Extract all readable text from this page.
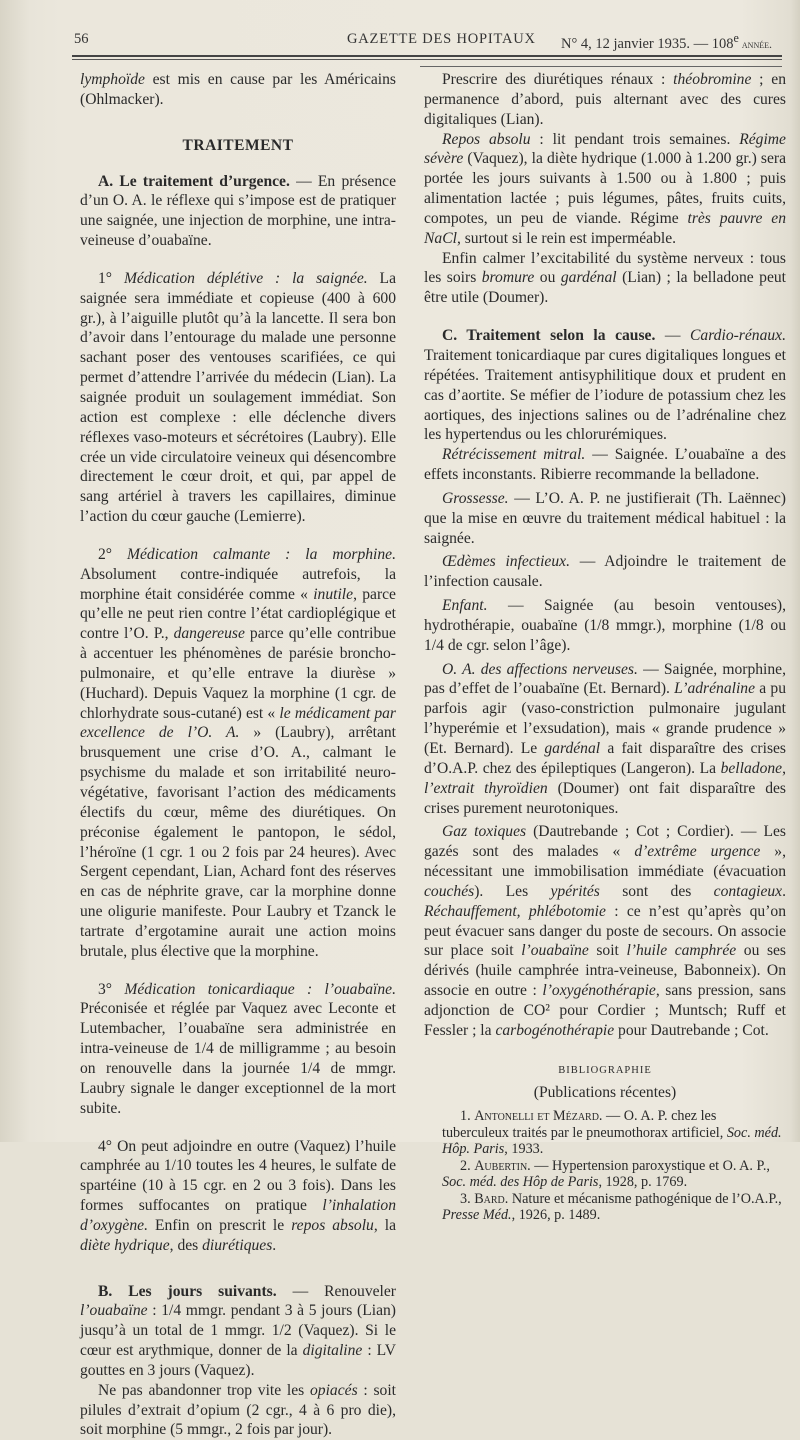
56	GAZETTE DES HOPITAUX N° 4, 12 janvier 1935. — 108e année.

lymphoïde est mis en cause par les Américains (Ohlmacker).

TRAITEMENT

A. Le traitement d’urgence. — En présence d’un O. A. le réflexe qui s’impose est de pratiquer une saignée, une injection de morphine, une intra-veineuse d’ouabaïne.

1° Médication déplétive : la saignée. La saignée sera immédiate et copieuse (400 à 600 gr.), à l’aiguille plutôt qu’à la lancette. Il sera bon d’avoir dans l’entourage du malade une personne sachant poser des ventouses scarifiées, ce qui permet d’attendre l’arrivée du médecin (Lian). La saignée produit un soulagement immédiat. Son action est complexe : elle déclenche divers réflexes vaso-moteurs et sécrétoires (Laubry). Elle crée un vide circulatoire veineux qui désencombre directement le cœur droit, et qui, par appel de sang artériel à travers les capillaires, diminue l’action du cœur gauche (Lemierre).

2° Médication calmante : la morphine. Absolument contre-indiquée autrefois, la morphine était considérée comme « inutile, parce qu’elle ne peut rien contre l’état cardioplégique et contre l’O. P., dangereuse parce qu’elle contribue à accentuer les phénomènes de parésie broncho-pulmonaire, et qu’elle entrave la diurèse » (Huchard). Depuis Vaquez la morphine (1 cgr. de chlorhydrate sous-cutané) est « le médicament par excellence de l’O. A. » (Laubry), arrêtant brusquement une crise d’O. A., calmant le psychisme du malade et son irritabilité neuro-végétative, favorisant l’action des médicaments électifs du cœur, même des diurétiques. On préconise également le pantopon, le sédol, l’héroïne (1 cgr. 1 ou 2 fois par 24 heures). Avec Sergent cependant, Lian, Achard font des réserves en cas de néphrite grave, car la morphine donne une oligurie manifeste. Pour Laubry et Tzanck le tartrate d’ergotamine aurait une action moins brutale, plus élective que la morphine.

3° Médication tonicardiaque : l’ouabaïne. Préconisée et réglée par Vaquez avec Leconte et Lutembacher, l’ouabaïne sera administrée en intra-veineuse de 1/4 de milligramme ; au besoin on renouvelle dans la journée 1/4 de mmgr. Laubry signale le danger exceptionnel de la mort subite.

4° On peut adjoindre en outre (Vaquez) l’huile camphrée au 1/10 toutes les 4 heures, le sulfate de spartéine (10 à 15 cgr. en 2 ou 3 fois). Dans les formes suffocantes on pratique l’inhalation d’oxygène. Enfin on prescrit le repos absolu, la diète hydrique, des diurétiques.

B. Les jours suivants. — Renouveler l’ouabaïne : 1/4 mmgr. pendant 3 à 5 jours (Lian) jusqu’à un total de 1 mmgr. 1/2 (Vaquez). Si le cœur est arythmique, donner de la digitaline : LV gouttes en 3 jours (Vaquez).

Ne pas abandonner trop vite les opiacés : soit pilules d’extrait d’opium (2 cgr., 4 à 6 pro die), soit morphine (5 mmgr., 2 fois par jour).

Prescrire des diurétiques rénaux : théobromine ; en permanence d’abord, puis alternant avec des cures digitaliques (Lian).

Repos absolu : lit pendant trois semaines. Régime sévère (Vaquez), la diète hydrique (1.000 à 1.200 gr.) sera portée les jours suivants à 1.500 ou à 1.800 ; puis alimentation lactée ; puis légumes, pâtes, fruits cuits, compotes, un peu de viande. Régime très pauvre en NaCl, surtout si le rein est imperméable.

Enfin calmer l’excitabilité du système nerveux : tous les soirs bromure ou gardénal (Lian) ; la belladone peut être utile (Doumer).

C. Traitement selon la cause. — Cardio-rénaux. Traitement tonicardiaque par cures digitaliques longues et répétées. Traitement antisyphilitique doux et prudent en cas d’aortite. Se méfier de l’iodure de potassium chez les aortiques, des injections salines ou de l’adrénaline chez les hypertendus ou les chlorurémiques.

Rétrécissement mitral. — Saignée. L’ouabaïne a des effets inconstants. Ribierre recommande la belladone.

Grossesse. — L’O. A. P. ne justifierait (Th. Laënnec) que la mise en œuvre du traitement médical habituel : la saignée.

Œdèmes infectieux. — Adjoindre le traitement de l’infection causale.

Enfant. — Saignée (au besoin ventouses), hydrothérapie, ouabaïne (1/8 mmgr.), morphine (1/8 ou 1/4 de cgr. selon l’âge).

O. A. des affections nerveuses. — Saignée, morphine, pas d’effet de l’ouabaïne (Et. Bernard). L’adrénaline a pu parfois agir (vaso-constriction pulmonaire jugulant l’hyperémie et l’exsudation), mais « grande prudence » (Et. Bernard). Le gardénal a fait disparaître des crises d’O.A.P. chez des épileptiques (Langeron). La belladone, l’extrait thyroïdien (Doumer) ont fait disparaître des crises purement neurotoniques.

Gaz toxiques (Dautrebande ; Cot ; Cordier). — Les gazés sont des malades « d’extrême urgence », nécessitant une immobilisation immédiate (évacuation couchés). Les ypérités sont des contagieux. Réchauffement, phlébotomie : ce n’est qu’après qu’on peut évacuer sans danger du poste de secours. On associe sur place soit l’ouabaïne soit l’huile camphrée ou ses dérivés (huile camphrée intra-veineuse, Babonneix). On associe en outre : l’oxygénothérapie, sans pression, sans adjonction de CO² pour Cordier ; Muntsch; Ruff et Fessler ; la carbogénothérapie pour Dautrebande ; Cot.

BIBLIOGRAPHIE
(Publications récentes)

1. Antonelli et Mézard. — O. A. P. chez les tuberculeux traités par le pneumothorax artificiel, Soc. méd. Hôp. Paris, 1933.

2. Aubertin. — Hypertension paroxystique et O. A. P., Soc. méd. des Hôp de Paris, 1928, p. 1769.

3. Bard. Nature et mécanisme pathogénique de l’O.A.P., Presse Méd., 1926, p. 1489.
